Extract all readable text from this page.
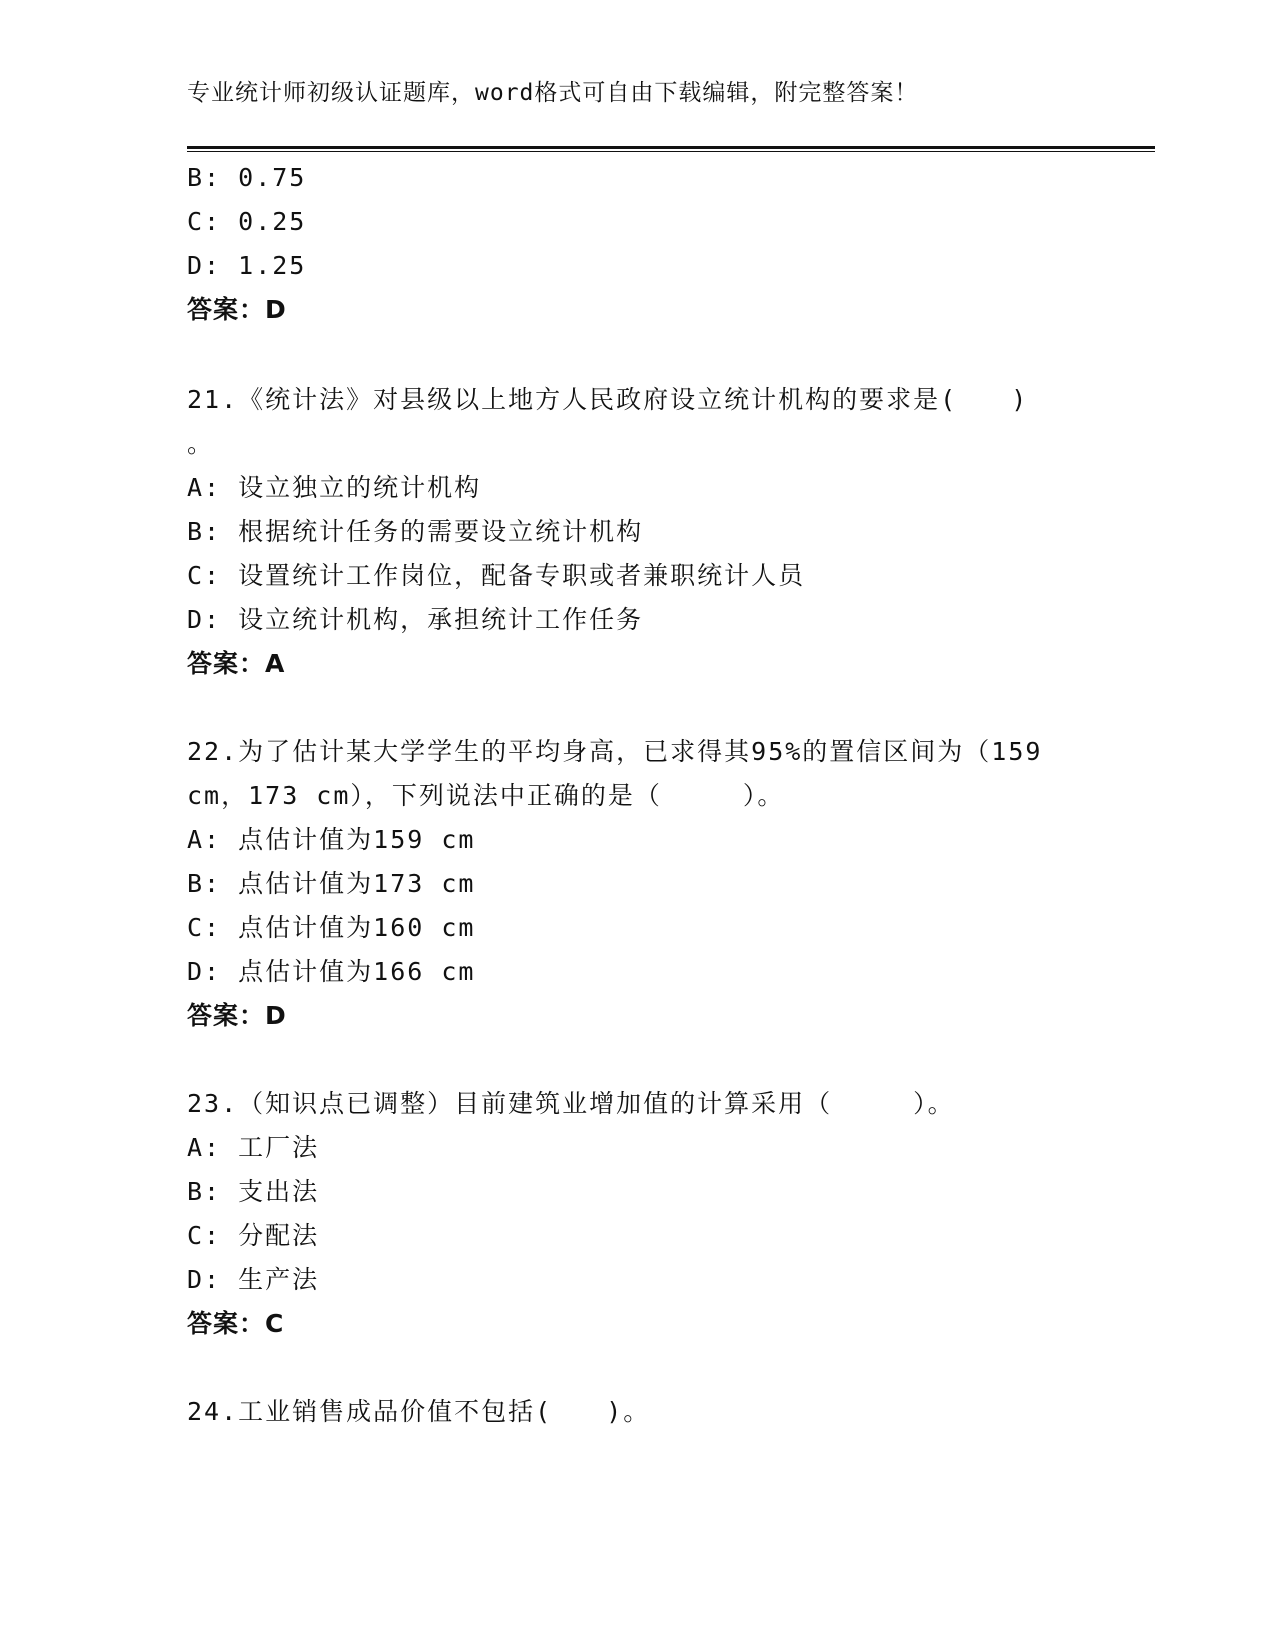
专业统计师初级认证题库，word格式可自由下载编辑，附完整答案！
B: 0.75
C: 0.25
D: 1.25
答案：D
21.《统计法》对县级以上地方人民政府设立统计机构的要求是(　　)
。
A: 设立独立的统计机构
B: 根据统计任务的需要设立统计机构
C: 设置统计工作岗位，配备专职或者兼职统计人员
D: 设立统计机构，承担统计工作任务
答案：A
22.为了估计某大学学生的平均身高，已求得其95%的置信区间为（159
cm，173 cm），下列说法中正确的是（　　　）。
A: 点估计值为159 cm
B: 点估计值为173 cm
C: 点估计值为160 cm
D: 点估计值为166 cm
答案：D
23.（知识点已调整）目前建筑业增加值的计算采用（　　　）。
A: 工厂法
B: 支出法
C: 分配法
D: 生产法
答案：C
24.工业销售成品价值不包括(　　)。
